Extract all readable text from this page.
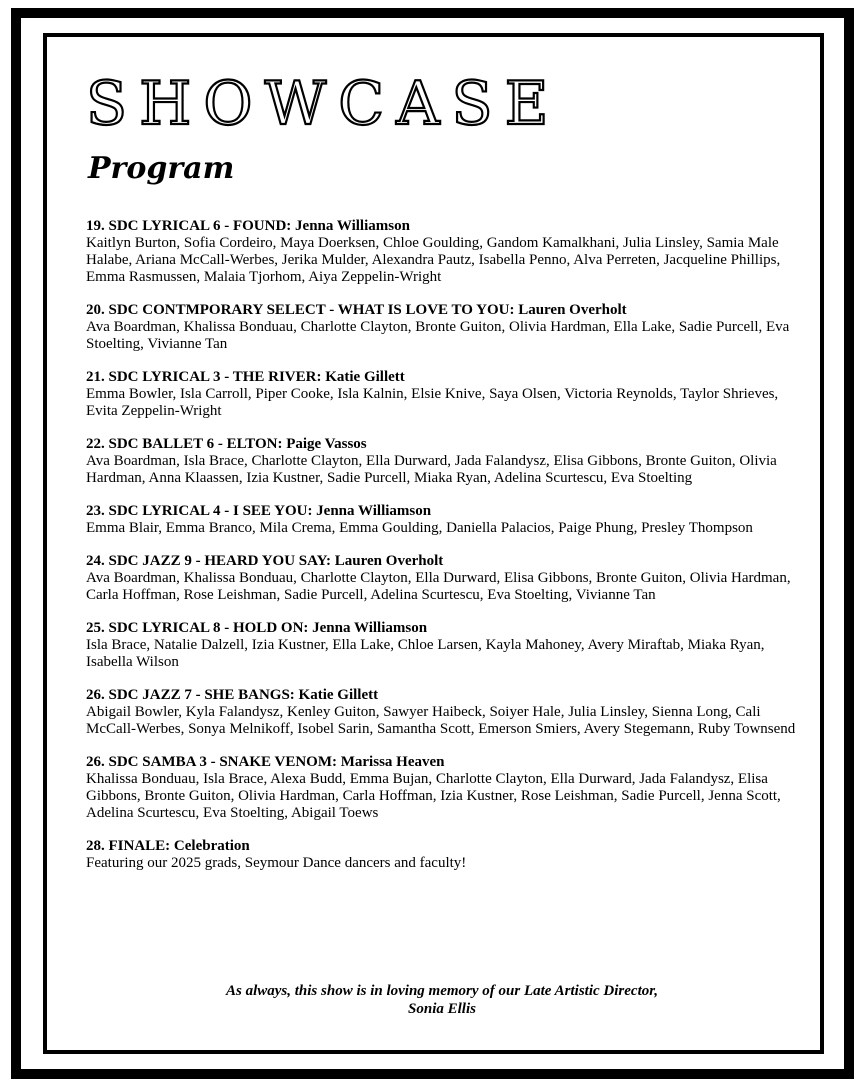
SHOWCASE
Program
19. SDC LYRICAL 6 - FOUND: Jenna Williamson
Kaitlyn Burton, Sofia Cordeiro, Maya Doerksen, Chloe Goulding, Gandom Kamalkhani, Julia Linsley, Samia Male Halabe, Ariana McCall-Werbes, Jerika Mulder, Alexandra Pautz, Isabella Penno, Alva Perreten, Jacqueline Phillips,
Emma Rasmussen, Malaia Tjorhom, Aiya Zeppelin-Wright
20. SDC CONTMPORARY SELECT - WHAT IS LOVE TO YOU: Lauren Overholt
Ava Boardman, Khalissa Bonduau, Charlotte Clayton, Bronte Guiton, Olivia Hardman, Ella Lake, Sadie Purcell, Eva Stoelting, Vivianne Tan
21. SDC LYRICAL 3 - THE RIVER: Katie Gillett
Emma Bowler, Isla Carroll, Piper Cooke, Isla Kalnin, Elsie Knive, Saya Olsen, Victoria Reynolds, Taylor Shrieves, Evita Zeppelin-Wright
22. SDC BALLET 6 - ELTON: Paige Vassos
Ava Boardman, Isla Brace, Charlotte Clayton, Ella Durward, Jada Falandysz, Elisa Gibbons, Bronte Guiton, Olivia Hardman, Anna Klaassen, Izia Kustner, Sadie Purcell, Miaka Ryan, Adelina Scurtescu, Eva Stoelting
23. SDC LYRICAL 4 - I SEE YOU: Jenna Williamson
Emma Blair, Emma Branco, Mila Crema, Emma Goulding, Daniella Palacios, Paige Phung, Presley Thompson
24. SDC JAZZ 9 - HEARD YOU SAY: Lauren Overholt
Ava Boardman, Khalissa Bonduau, Charlotte Clayton, Ella Durward, Elisa Gibbons, Bronte Guiton, Olivia Hardman, Carla Hoffman, Rose Leishman, Sadie Purcell, Adelina Scurtescu, Eva Stoelting, Vivianne Tan
25. SDC LYRICAL 8 - HOLD ON: Jenna Williamson
Isla Brace, Natalie Dalzell, Izia Kustner, Ella Lake, Chloe Larsen, Kayla Mahoney, Avery Miraftab, Miaka Ryan, Isabella Wilson
26. SDC JAZZ 7 - SHE BANGS: Katie Gillett
Abigail Bowler, Kyla Falandysz, Kenley Guiton, Sawyer Haibeck, Soiyer Hale, Julia Linsley, Sienna Long, Cali McCall-Werbes, Sonya Melnikoff, Isobel Sarin, Samantha Scott, Emerson Smiers, Avery Stegemann, Ruby Townsend
26. SDC SAMBA 3 - SNAKE VENOM: Marissa Heaven
Khalissa Bonduau, Isla Brace, Alexa Budd, Emma Bujan, Charlotte Clayton, Ella Durward, Jada Falandysz, Elisa Gibbons, Bronte Guiton, Olivia Hardman, Carla Hoffman, Izia Kustner, Rose Leishman, Sadie Purcell, Jenna Scott, Adelina Scurtescu, Eva Stoelting, Abigail Toews
28. FINALE: Celebration
Featuring our 2025 grads, Seymour Dance dancers and faculty!

As always, this show is in loving memory of our Late Artistic Director,
Sonia Ellis
